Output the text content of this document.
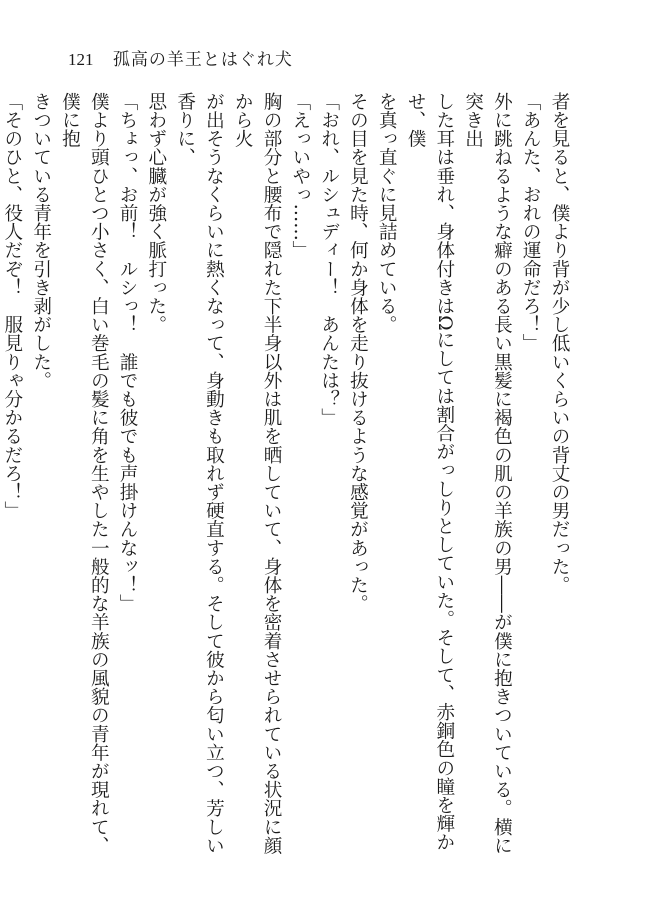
121 孤高の羊王とはぐれ犬

者を見ると、僕より背が少し低いくらいの背丈の男だった。

「あんた、おれの運命だろ！」

外に跳ねるような癖のある長い黒髪に褐色の肌の羊族の男――が僕に抱きついている。横に突き出

した耳は垂れ、身体付きはΩにしては割合がっしりとしていた。そして、赤銅色の瞳を輝かせ、僕

を真っ直ぐに見詰めている。

その目を見た時、何か身体を走り抜けるような感覚があった。

「おれ、ルシュディー！　あんたは？」

「えっいやっ……」

胸の部分と腰布で隠れた下半身以外は肌を晒していて、身体を密着させられている状況に顔から火

が出そうなくらいに熱くなって、身動きも取れず硬直する。そして彼から匂い立つ、芳しい香りに、

思わず心臓が強く脈打った。

「ちょっ、お前！　ルシっ！　誰でも彼でも声掛けんなッ！」

僕より頭ひとつ小さく、白い巻毛の髪に角を生やした一般的な羊族の風貌の青年が現れて、僕に抱

きついている青年を引き剥がした。

「そのひと、役人だぞ！　服見りゃ分かるだろ！」
